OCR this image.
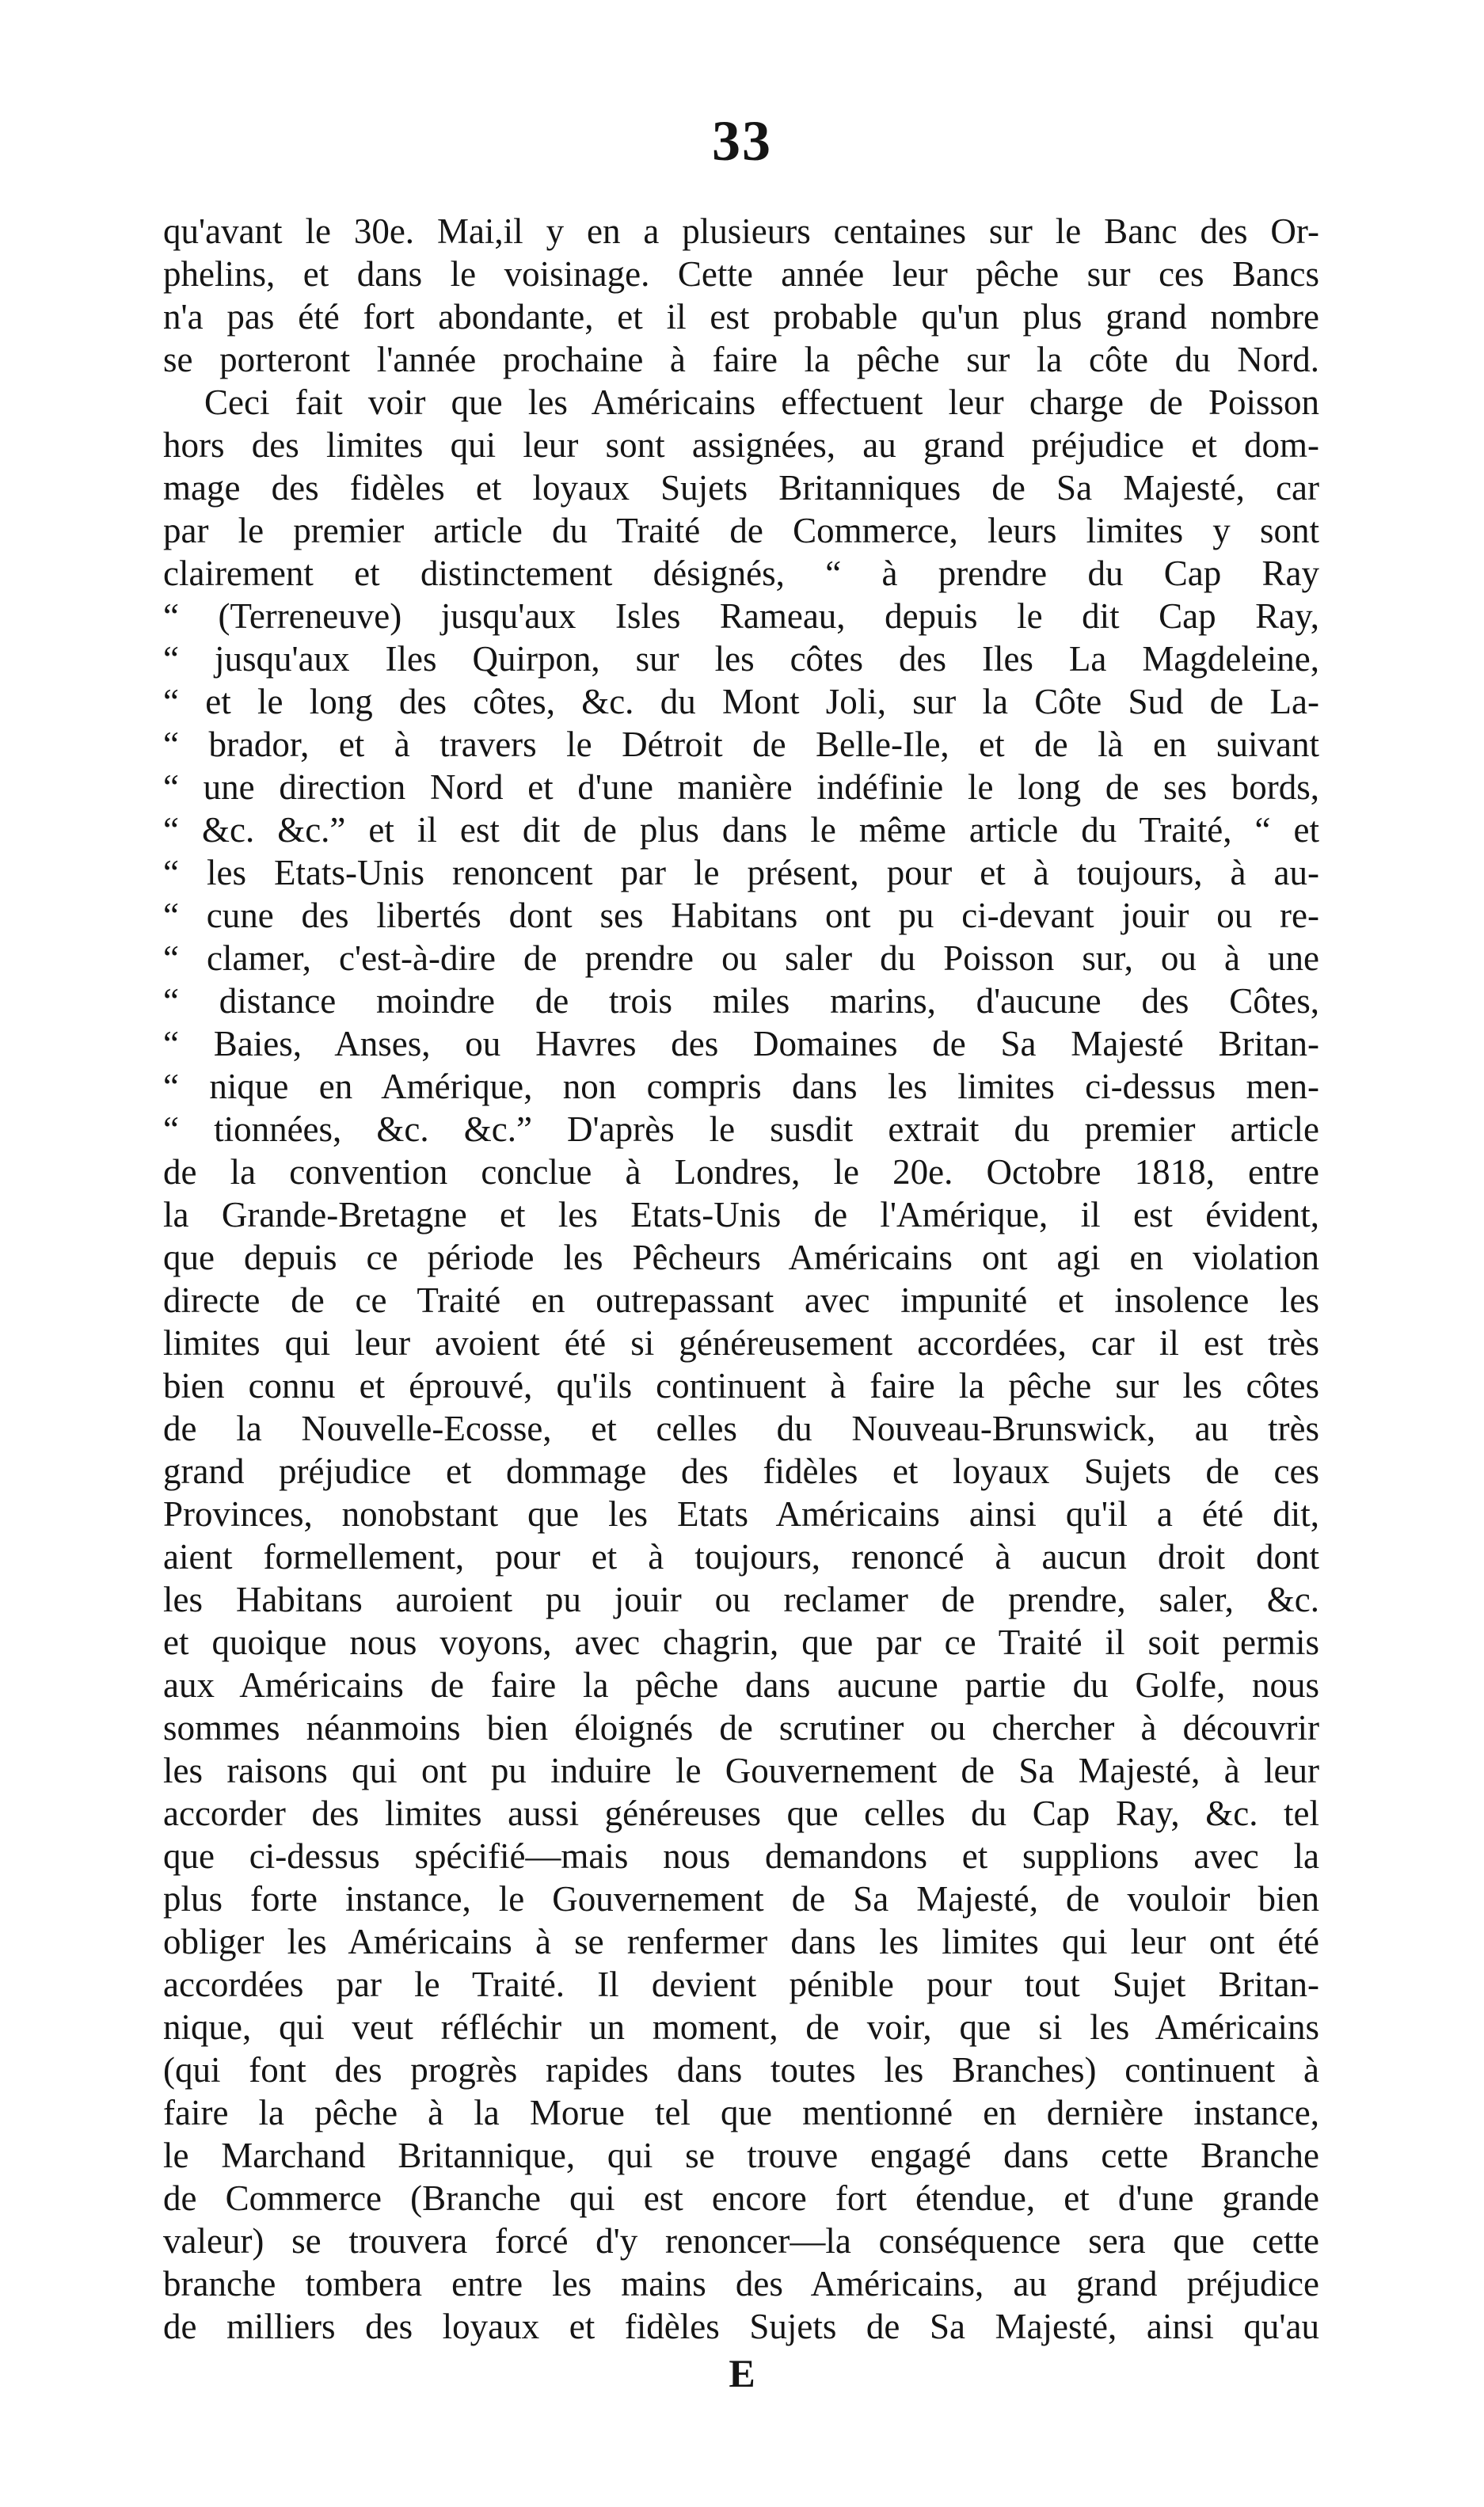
33
qu'avant le 30e. Mai,il y en a plusieurs centaines sur le Banc des Or-
phelins, et dans le voisinage. Cette année leur pêche sur ces Bancs
n'a pas été fort abondante, et il est probable qu'un plus grand nombre
se porteront l'année prochaine à faire la pêche sur la côte du Nord.
Ceci fait voir que les Américains effectuent leur charge de Poisson
hors des limites qui leur sont assignées, au grand préjudice et dom-
mage des fidèles et loyaux Sujets Britanniques de Sa Majesté, car
par le premier article du Traité de Commerce, leurs limites y sont
clairement et distinctement désignés, “ à prendre du Cap Ray
“ (Terreneuve) jusqu'aux Isles Rameau, depuis le dit Cap Ray,
“ jusqu'aux Iles Quirpon, sur les côtes des Iles La Magdeleine,
“ et le long des côtes, &c. du Mont Joli, sur la Côte Sud de La-
“ brador, et à travers le Détroit de Belle-Ile, et de là en suivant
“ une direction Nord et d'une manière indéfinie le long de ses bords,
“ &c. &c.” et il est dit de plus dans le même article du Traité, “ et
“ les Etats-Unis renoncent par le présent, pour et à toujours, à au-
“ cune des libertés dont ses Habitans ont pu ci-devant jouir ou re-
“ clamer, c'est-à-dire de prendre ou saler du Poisson sur, ou à une
“ distance moindre de trois miles marins, d'aucune des Côtes,
“ Baies, Anses, ou Havres des Domaines de Sa Majesté Britan-
“ nique en Amérique, non compris dans les limites ci-dessus men-
“ tionnées, &c. &c.” D'après le susdit extrait du premier article
de la convention conclue à Londres, le 20e. Octobre 1818, entre
la Grande-Bretagne et les Etats-Unis de l'Amérique, il est évident,
que depuis ce période les Pêcheurs Américains ont agi en violation
directe de ce Traité en outrepassant avec impunité et insolence les
limites qui leur avoient été si généreusement accordées, car il est très
bien connu et éprouvé, qu'ils continuent à faire la pêche sur les côtes
de la Nouvelle-Ecosse, et celles du Nouveau-Brunswick, au très
grand préjudice et dommage des fidèles et loyaux Sujets de ces
Provinces, nonobstant que les Etats Américains ainsi qu'il a été dit,
aient formellement, pour et à toujours, renoncé à aucun droit dont
les Habitans auroient pu jouir ou reclamer de prendre, saler, &c.
et quoique nous voyons, avec chagrin, que par ce Traité il soit permis
aux Américains de faire la pêche dans aucune partie du Golfe, nous
sommes néanmoins bien éloignés de scrutiner ou chercher à découvrir
les raisons qui ont pu induire le Gouvernement de Sa Majesté, à leur
accorder des limites aussi généreuses que celles du Cap Ray, &c. tel
que ci-dessus spécifié—mais nous demandons et supplions avec la
plus forte instance, le Gouvernement de Sa Majesté, de vouloir bien
obliger les Américains à se renfermer dans les limites qui leur ont été
accordées par le Traité. Il devient pénible pour tout Sujet Britan-
nique, qui veut réfléchir un moment, de voir, que si les Américains
(qui font des progrès rapides dans toutes les Branches) continuent à
faire la pêche à la Morue tel que mentionné en dernière instance,
le Marchand Britannique, qui se trouve engagé dans cette Branche
de Commerce (Branche qui est encore fort étendue, et d'une grande
valeur) se trouvera forcé d'y renoncer—la conséquence sera que cette
branche tombera entre les mains des Américains, au grand préjudice
de milliers des loyaux et fidèles Sujets de Sa Majesté, ainsi qu'au
E
